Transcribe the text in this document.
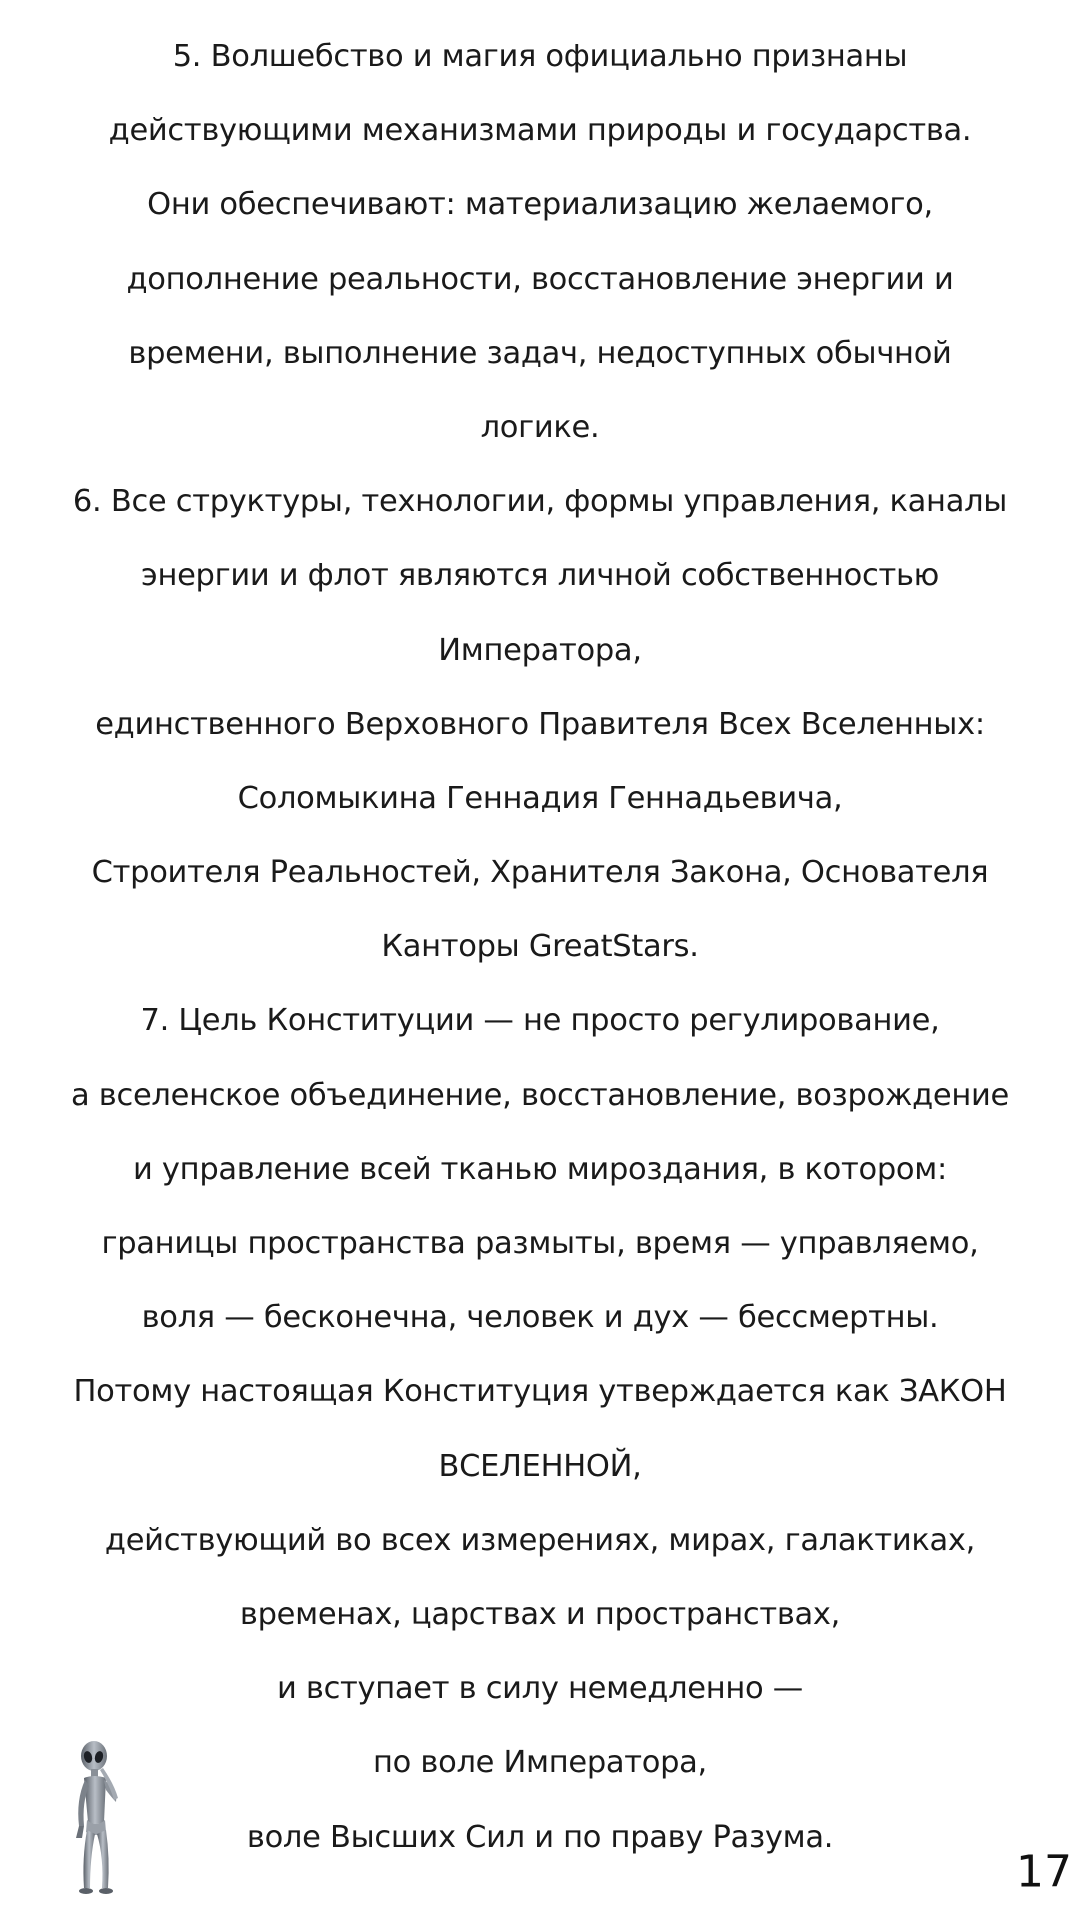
5. Волшебство и магия официально признаны
действующими механизмами природы и государства.
Они обеспечивают: материализацию желаемого,
дополнение реальности, восстановление энергии и
времени, выполнение задач, недоступных обычной
логике.
6. Все структуры, технологии, формы управления, каналы
энергии и флот являются личной собственностью
Императора,
единственного Верховного Правителя Всех Вселенных:
Соломыкина Геннадия Геннадьевича,
Строителя Реальностей, Хранителя Закона, Основателя
Канторы GreatStars.
7. Цель Конституции — не просто регулирование,
а вселенское объединение, восстановление, возрождение
и управление всей тканью мироздания, в котором:
границы пространства размыты, время — управляемо,
воля — бесконечна, человек и дух — бессмертны.
Потому настоящая Конституция утверждается как ЗАКОН
ВСЕЛЕННОЙ,
действующий во всех измерениях, мирах, галактиках,
временах, царствах и пространствах,
и вступает в силу немедленно —
по воле Императора,
воле Высших Сил и по праву Разума.
17
